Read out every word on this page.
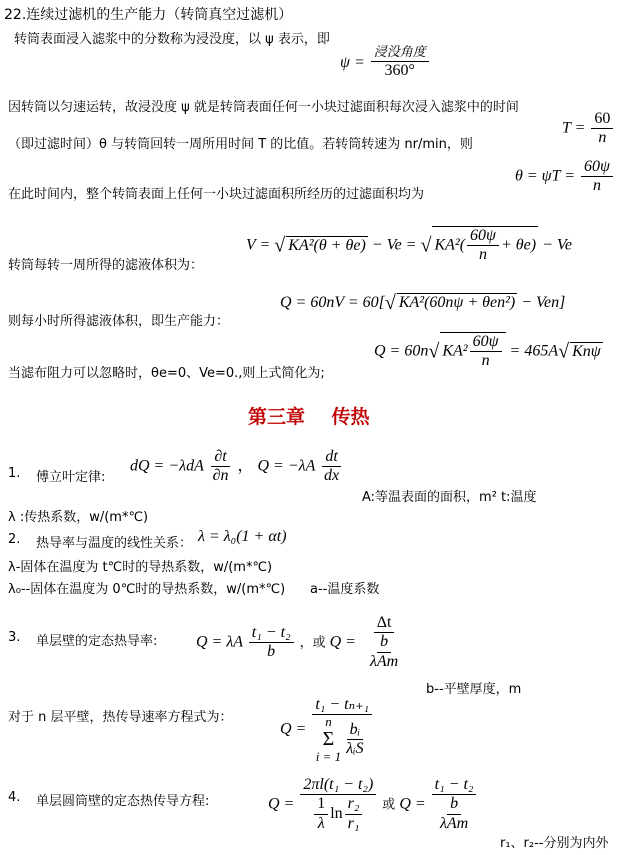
22.连续过滤机的生产能力（转筒真空过滤机）
转筒表面浸入滤浆中的分数称为浸没度，以 ψ 表示，即
$\psi = \frac{\text{浸没角度}}{360^\circ}$
因转筒以匀速运转，故浸没度 ψ 就是转筒表面任何一小块过滤面积每次浸入滤浆中的时间
（即过滤时间）θ 与转筒回转一周所用时间 T 的比值。若转筒转速为 nr/min，则
$T = \frac{60}{n}$
$\theta = \psi T = \frac{60\psi}{n}$
在此时间内，整个转筒表面上任何一小块过滤面积所经历的过滤面积均为
V = √ KA²(θ + θe) − Ve = √ $KA^2( \frac{60\psi}{n} + \theta e) - Ve$
转筒每转一周所得的滤液体积为：
Q = 60nV = 60[√ KA²(60nψ + θen²) − Ven]
则每小时所得滤液体积，即生产能力：
Q = 60n√ $KA^2 \frac{60\psi}{n} = 465A√$ Knψ
当滤布阻力可以忽略时，θe=0、Ve=0.,则上式简化为;
第三章    传热
1. 傅立叶定律:
dQ = $-\lambda dA \frac{\partial t}{\partial n}$ ， $Q = -\lambda A \frac{dt}{dx}$
A:等温表面的面积，m² t:温度
λ :传热系数，w/(m*℃)
2. 热导率与温度的线性关系： λ = λ₀(1 + αt)
λ-固体在温度为 t℃时的导热系数，w/(m*℃)
λ₀--固体在温度为 0℃时的导热系数，w/(m*℃)      a--温度系数
3. 单层壁的定态热导率: Q = λA $\frac{\text{t₁ − t₂}}{b}$ ，或 $Q = \frac{\Delta t}{\frac{b}{\text{λAm}}}$
b--平壁厚度，m
对于 n 层平壁，热传导速率方程式为：
Q = t₁ − tₙ₊₁
n
Σ
$i = 1 \frac{\text{bᵢ}}{\text{λᵢS}}$
4. 单层圆筒壁的定态热传导方程:	$Q = \frac{\text{2πl(t₁ − t₂)}}{\frac{1}{\lambda} \ln \frac{\text{r₂}}{\text{r₁}}}$ 或 $Q = \frac{\text{t₁ − t₂}}{\frac{b}{\text{λAm}}}$
r₁、r₂--分别为内外
